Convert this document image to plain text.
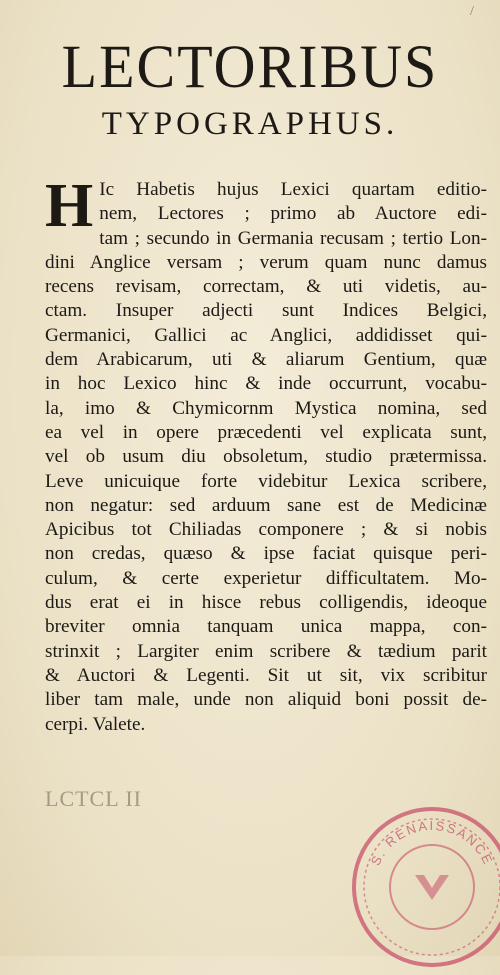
/
LECTORIBUS
TYPOGRAPHUS.
H Ic Habetis hujus Lexici quartam editio-
nem, Lectores ; primo ab Auctore edi-
tam ; secundo in Germania recusam ; tertio Lon-
dini Anglice versam ; verum quam nunc damus
recens revisam, correctam, & uti videtis, au-
ctam. Insuper adjecti sunt Indices Belgici,
Germanici, Gallici ac Anglici, addidisset qui-
dem Arabicarum, uti & aliarum Gentium, quæ
in hoc Lexico hinc & inde occurrunt, vocabu-
la, imo & Chymicornm Mystica nomina, sed
ea vel in opere præcedenti vel explicata sunt,
vel ob usum diu obsoletum, studio prætermissa.
Leve unicuique forte videbitur Lexica scribere,
non negatur: sed arduum sane est de Medicinæ
Apicibus tot Chiliadas componere ; & si nobis
non credas, quæso & ipse faciat quisque peri-
culum, & certe experietur difficultatem. Mo-
dus erat ei in hisce rebus colligendis, ideoque
breviter omnia tanquam unica mappa, con-
strinxit ; Largiter enim scribere & tædium parit
& Auctori & Legenti. Sit ut sit, vix scribitur
liber tam male, unde non aliquid boni possit de-
cerpi. Valete.
LCTCL II
S. RENAISSANCE
